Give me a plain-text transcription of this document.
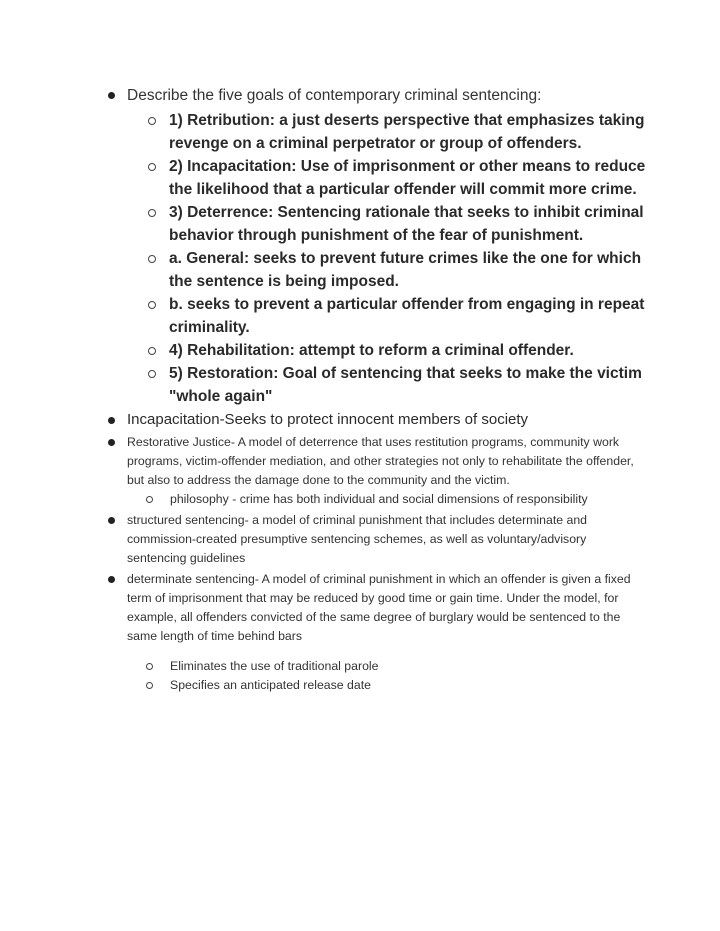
Describe the five goals of contemporary criminal sentencing:
1) Retribution: a just deserts perspective that emphasizes taking revenge on a criminal perpetrator or group of offenders.
2) Incapacitation: Use of imprisonment or other means to reduce the likelihood that a particular offender will commit more crime.
3) Deterrence: Sentencing rationale that seeks to inhibit criminal behavior through punishment of the fear of punishment.
a. General: seeks to prevent future crimes like the one for which the sentence is being imposed.
b. seeks to prevent a particular offender from engaging in repeat criminality.
4) Rehabilitation: attempt to reform a criminal offender.
5) Restoration: Goal of sentencing that seeks to make the victim "whole again"
Incapacitation-Seeks to protect innocent members of society
Restorative Justice- A model of deterrence that uses restitution programs, community work programs, victim-offender mediation, and other strategies not only to rehabilitate the offender, but also to address the damage done to the community and the victim.
philosophy - crime has both individual and social dimensions of responsibility
structured sentencing- a model of criminal punishment that includes determinate and commission-created presumptive sentencing schemes, as well as voluntary/advisory sentencing guidelines
determinate sentencing- A model of criminal punishment in which an offender is given a fixed term of imprisonment that may be reduced by good time or gain time. Under the model, for example, all offenders convicted of the same degree of burglary would be sentenced to the same length of time behind bars
Eliminates the use of traditional parole
Specifies an anticipated release date
